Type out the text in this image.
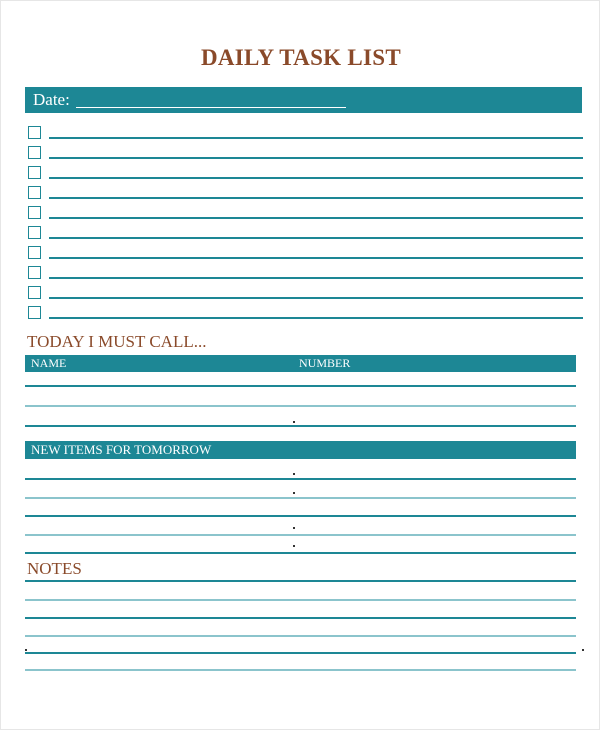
DAILY TASK LIST
Date:
TODAY I MUST CALL...
NAME	NUMBER
NEW ITEMS FOR TOMORROW
NOTES
